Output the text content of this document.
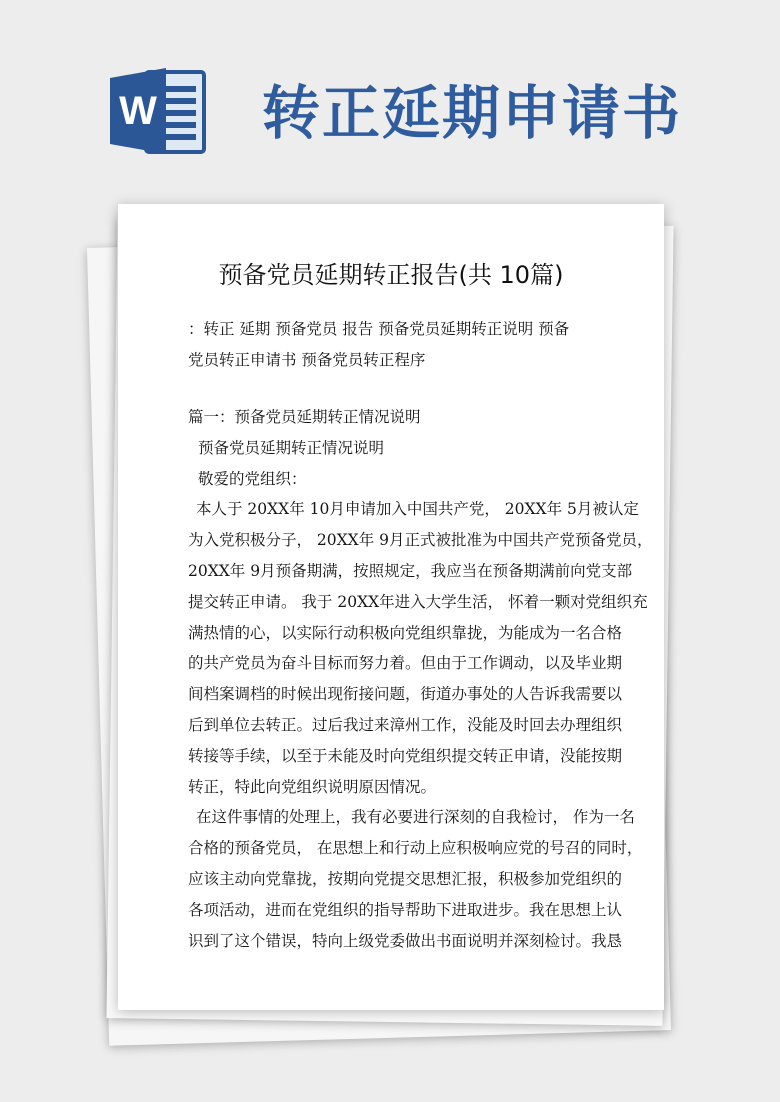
W 转正延期申请书
预备党员延期转正报告(共 10篇)
：转正 延期 预备党员 报告 预备党员延期转正说明 预备
党员转正申请书 预备党员转正程序
篇一：预备党员延期转正情况说明
预备党员延期转正情况说明
敬爱的党组织：
本人于 20XX年 10月申请加入中国共产党， 20XX年 5月被认定
为入党积极分子， 20XX年 9月正式被批准为中国共产党预备党员，
20XX年 9月预备期满，按照规定，我应当在预备期满前向党支部
提交转正申请。 我于 20XX年进入大学生活， 怀着一颗对党组织充
满热情的心，以实际行动积极向党组织靠拢，为能成为一名合格
的共产党员为奋斗目标而努力着。但由于工作调动，以及毕业期
间档案调档的时候出现衔接问题，街道办事处的人告诉我需要以
后到单位去转正。过后我过来漳州工作，没能及时回去办理组织
转接等手续，以至于未能及时向党组织提交转正申请，没能按期
转正，特此向党组织说明原因情况。
在这件事情的处理上，我有必要进行深刻的自我检讨， 作为一名
合格的预备党员， 在思想上和行动上应积极响应党的号召的同时，
应该主动向党靠拢，按期向党提交思想汇报，积极参加党组织的
各项活动，进而在党组织的指导帮助下进取进步。我在思想上认
识到了这个错误，特向上级党委做出书面说明并深刻检讨。我恳
